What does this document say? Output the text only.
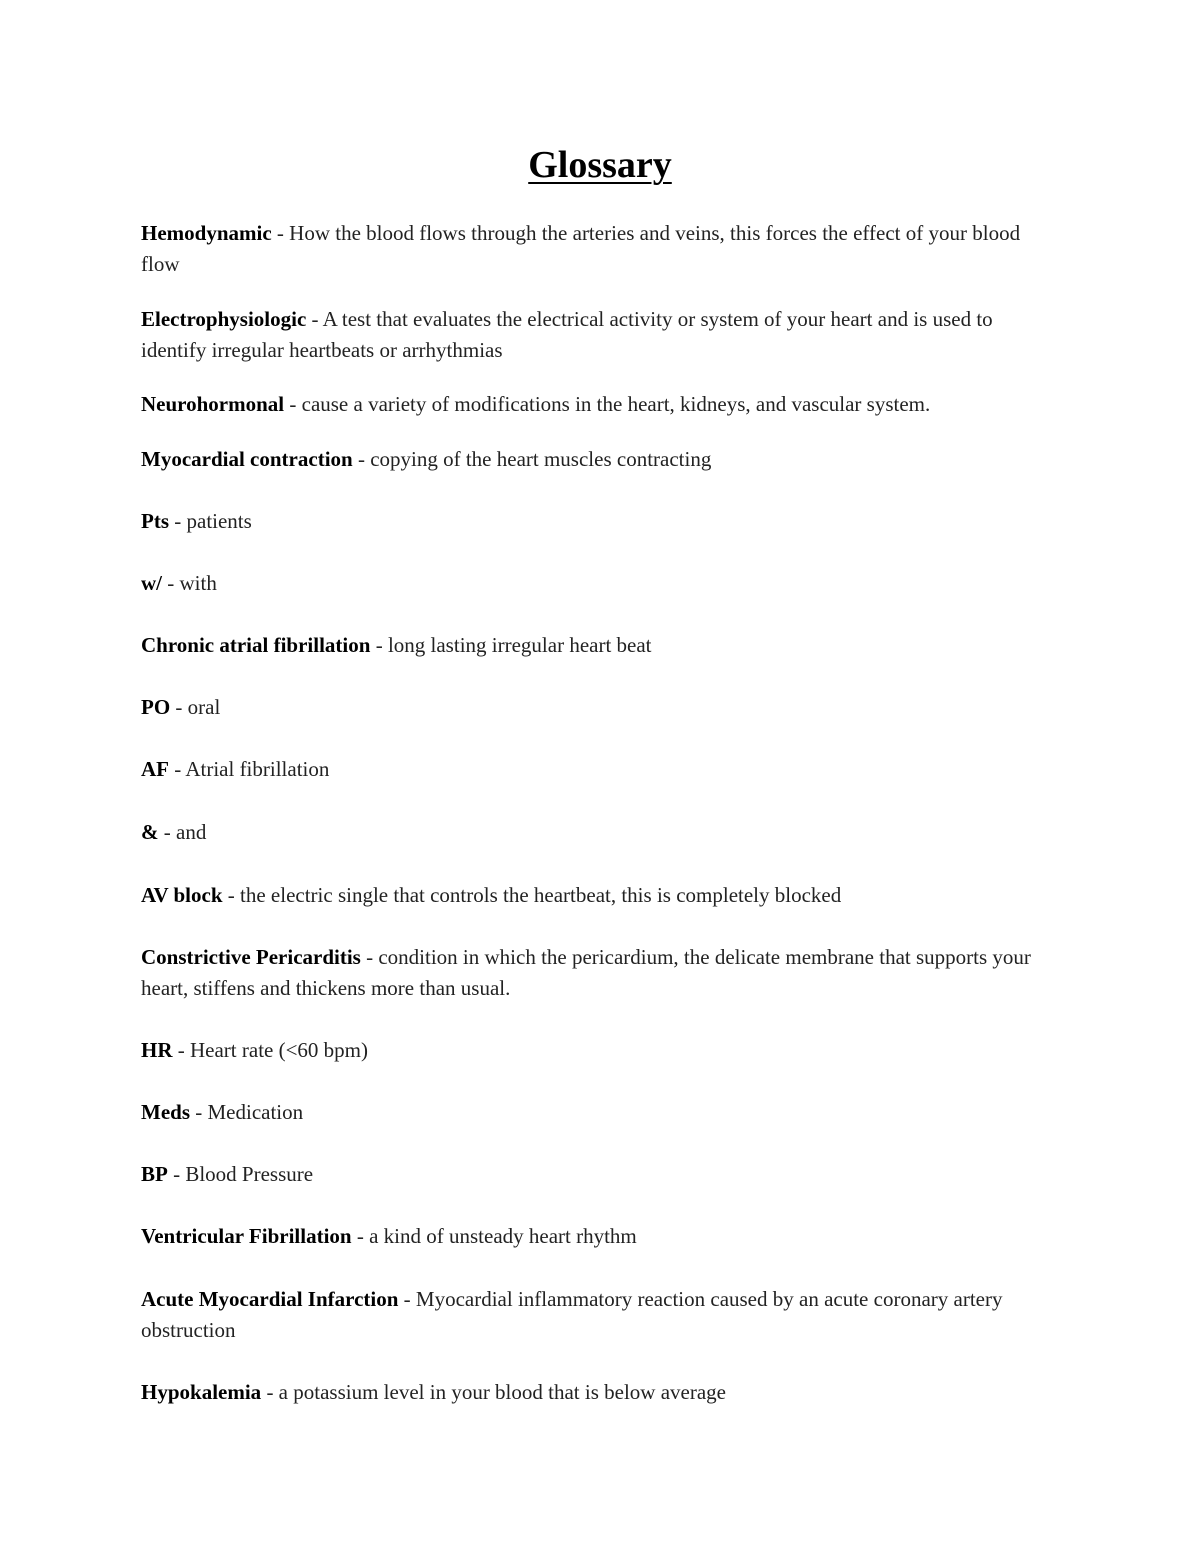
Glossary
Hemodynamic - How the blood flows through the arteries and veins, this forces the effect of your blood flow
Electrophysiologic - A test that evaluates the electrical activity or system of your heart and is used to identify irregular heartbeats or arrhythmias
Neurohormonal - cause a variety of modifications in the heart, kidneys, and vascular system.
Myocardial contraction - copying of the heart muscles contracting
Pts - patients
w/ - with
Chronic atrial fibrillation - long lasting irregular heart beat
PO - oral
AF - Atrial fibrillation
& - and
AV block - the electric single that controls the heartbeat, this is completely blocked
Constrictive Pericarditis - condition in which the pericardium, the delicate membrane that supports your heart, stiffens and thickens more than usual.
HR - Heart rate (<60 bpm)
Meds - Medication
BP - Blood Pressure
Ventricular Fibrillation - a kind of unsteady heart rhythm
Acute Myocardial Infarction - Myocardial inflammatory reaction caused by an acute coronary artery obstruction
Hypokalemia - a potassium level in your blood that is below average
